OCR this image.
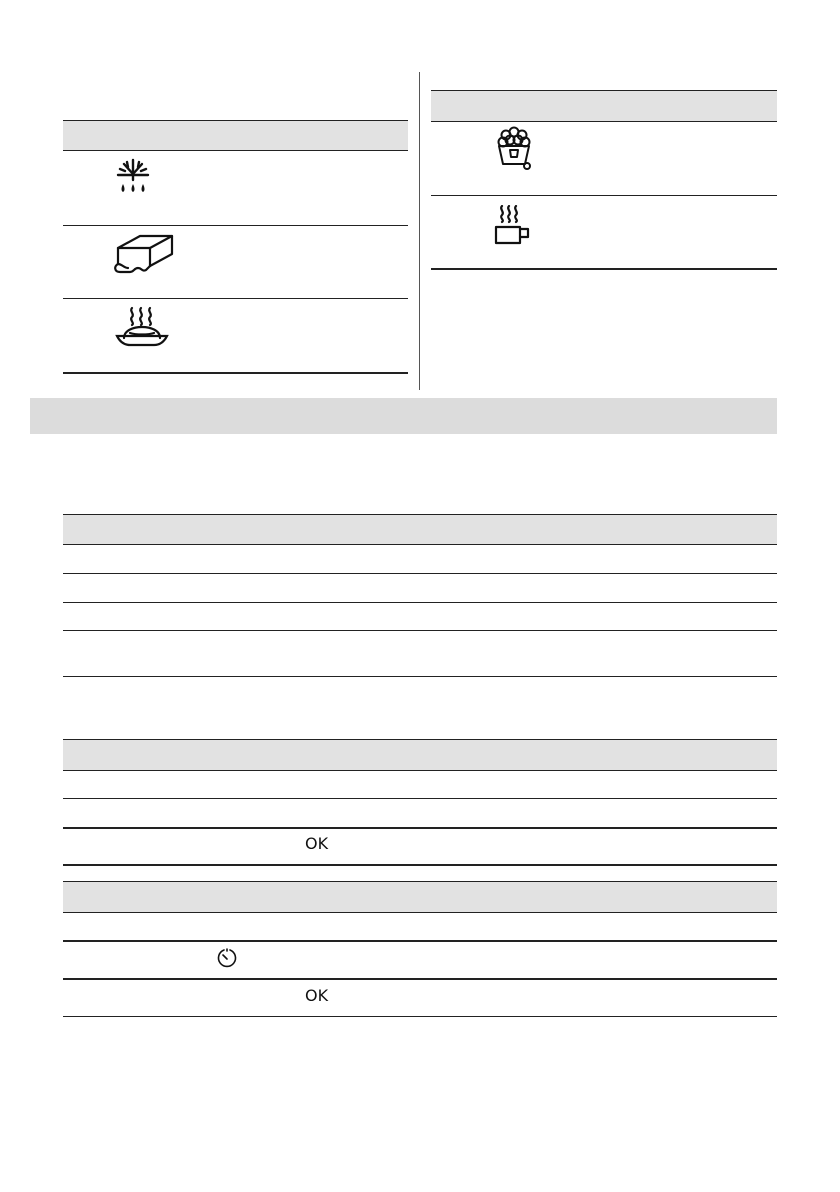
OK
OK
